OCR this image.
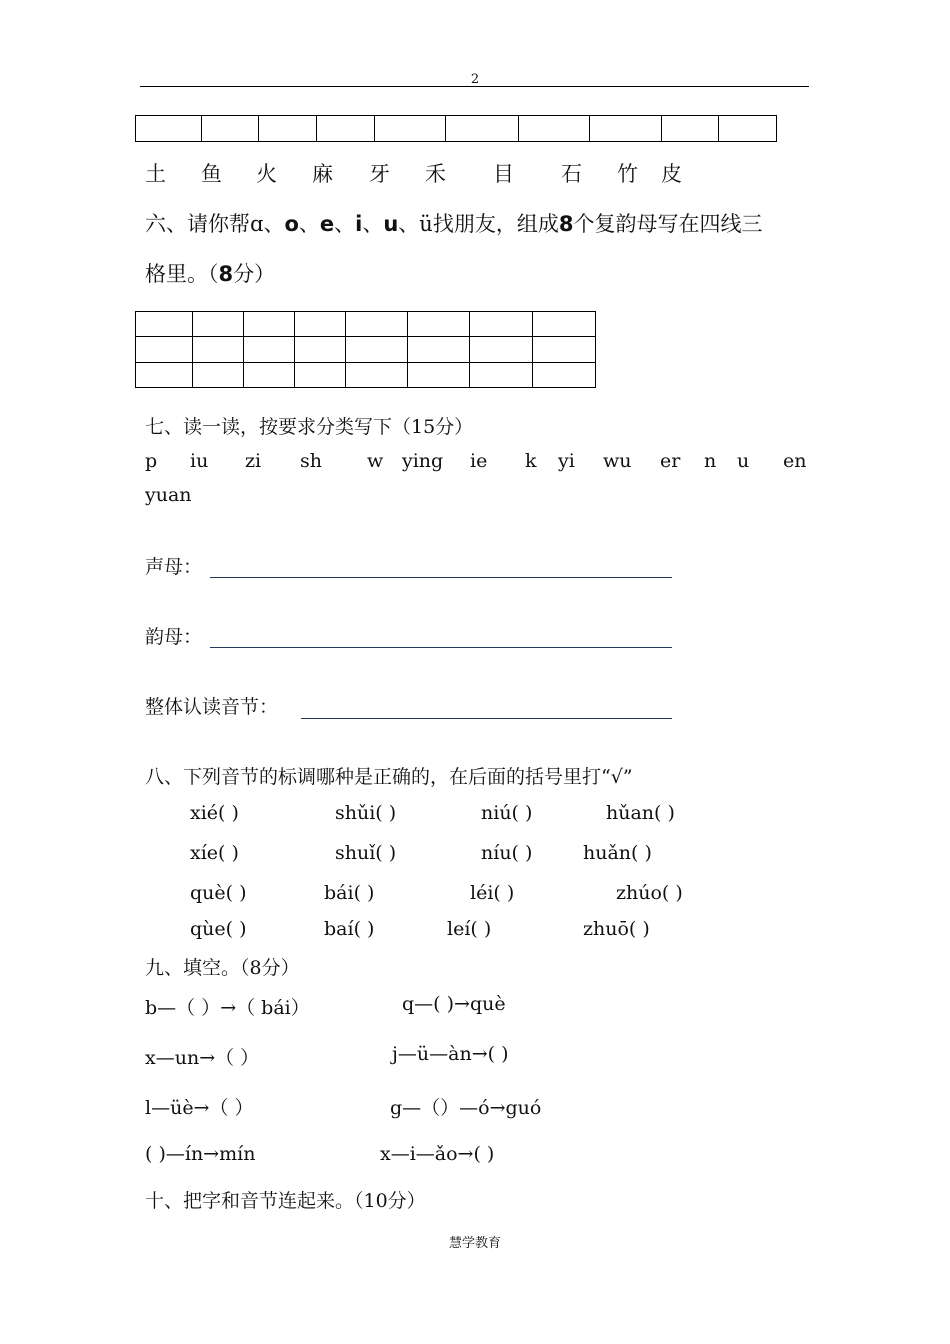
2

土 鱼 火 麻 牙 禾 目 石 竹 皮
六、请你帮ɑ、o、e、i、u、ü找朋友，组成8个复韵母写在四线三
格里。（8分）

七、读一读，按要求分类写下（15分）
p iu zi sh w ying ie k yi wu er n u en
yuan
声母：
韵母：
整体认读音节：
八、下列音节的标调哪种是正确的，在后面的括号里打“√”
xié( )	shǔi( )	niú( )	hǔan( )
xíe( )	shuǐ( )	níu( )	huǎn( )
què( )	bái( )	léi( )	zhúo( )
qùe( )	baí( )	leí( )	zhuō( )
九、填空。（8分）
b—（ ）→（ bái）	q—( )→què
x—un→（ ）	j—ü—àn→( )
l—üè→（ ）	g—（）—ó→guó
( )—ín→mín	x—i—ǎo→( )
十、把字和音节连起来。（10分）
慧学教育
